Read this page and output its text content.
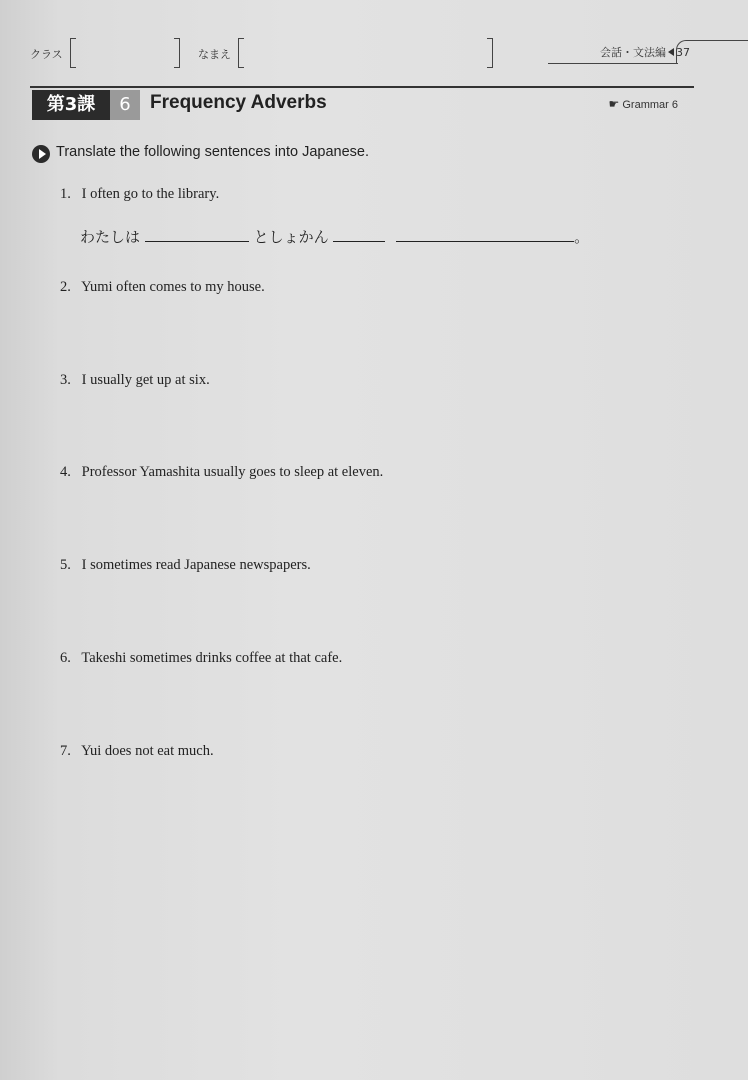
クラス	なまえ	会話・文法編 37
第3課	6	Frequency Adverbs	☛ Grammar 6
Translate the following sentences into Japanese.
1. I often go to the library.
わたしは	としょかん	。
2. Yumi often comes to my house.
3. I usually get up at six.
4. Professor Yamashita usually goes to sleep at eleven.
5. I sometimes read Japanese newspapers.
6. Takeshi sometimes drinks coffee at that cafe.
7. Yui does not eat much.
